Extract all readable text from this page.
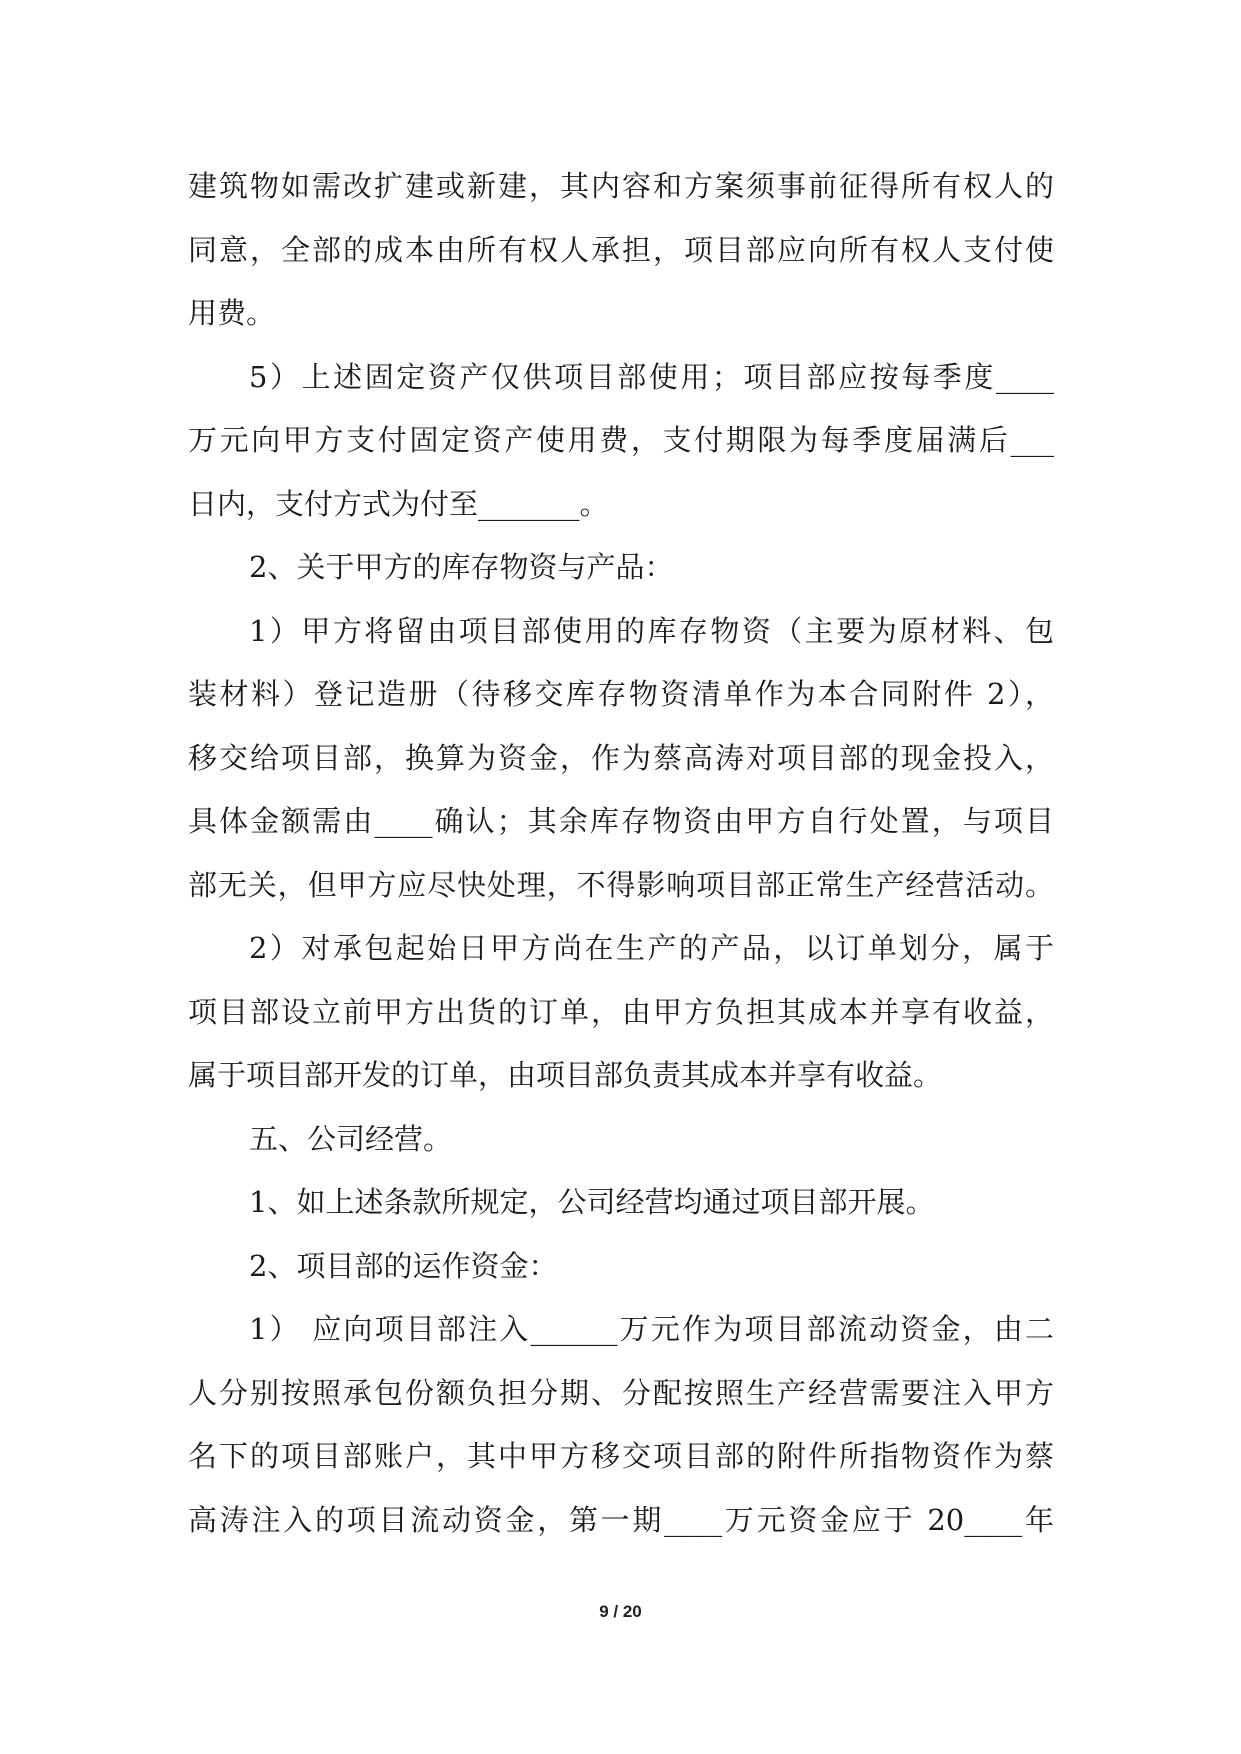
建筑物如需改扩建或新建，其内容和方案须事前征得所有权人的
同意，全部的成本由所有权人承担，项目部应向所有权人支付使
用费。
5）上述固定资产仅供项目部使用；项目部应按每季度____
万元向甲方支付固定资产使用费，支付期限为每季度届满后___
日内，支付方式为付至_______。
2、关于甲方的库存物资与产品：
1）甲方将留由项目部使用的库存物资（主要为原材料、包
装材料）登记造册（待移交库存物资清单作为本合同附件 2），
移交给项目部，换算为资金，作为蔡高涛对项目部的现金投入，
具体金额需由____确认；其余库存物资由甲方自行处置，与项目
部无关，但甲方应尽快处理，不得影响项目部正常生产经营活动。
2）对承包起始日甲方尚在生产的产品，以订单划分，属于
项目部设立前甲方出货的订单，由甲方负担其成本并享有收益，
属于项目部开发的订单，由项目部负责其成本并享有收益。
五、公司经营。
1、如上述条款所规定，公司经营均通过项目部开展。
2、项目部的运作资金：
1） 应向项目部注入______万元作为项目部流动资金，由二
人分别按照承包份额负担分期、分配按照生产经营需要注入甲方
名下的项目部账户，其中甲方移交项目部的附件所指物资作为蔡
高涛注入的项目流动资金，第一期____万元资金应于 20____年
9 / 20
